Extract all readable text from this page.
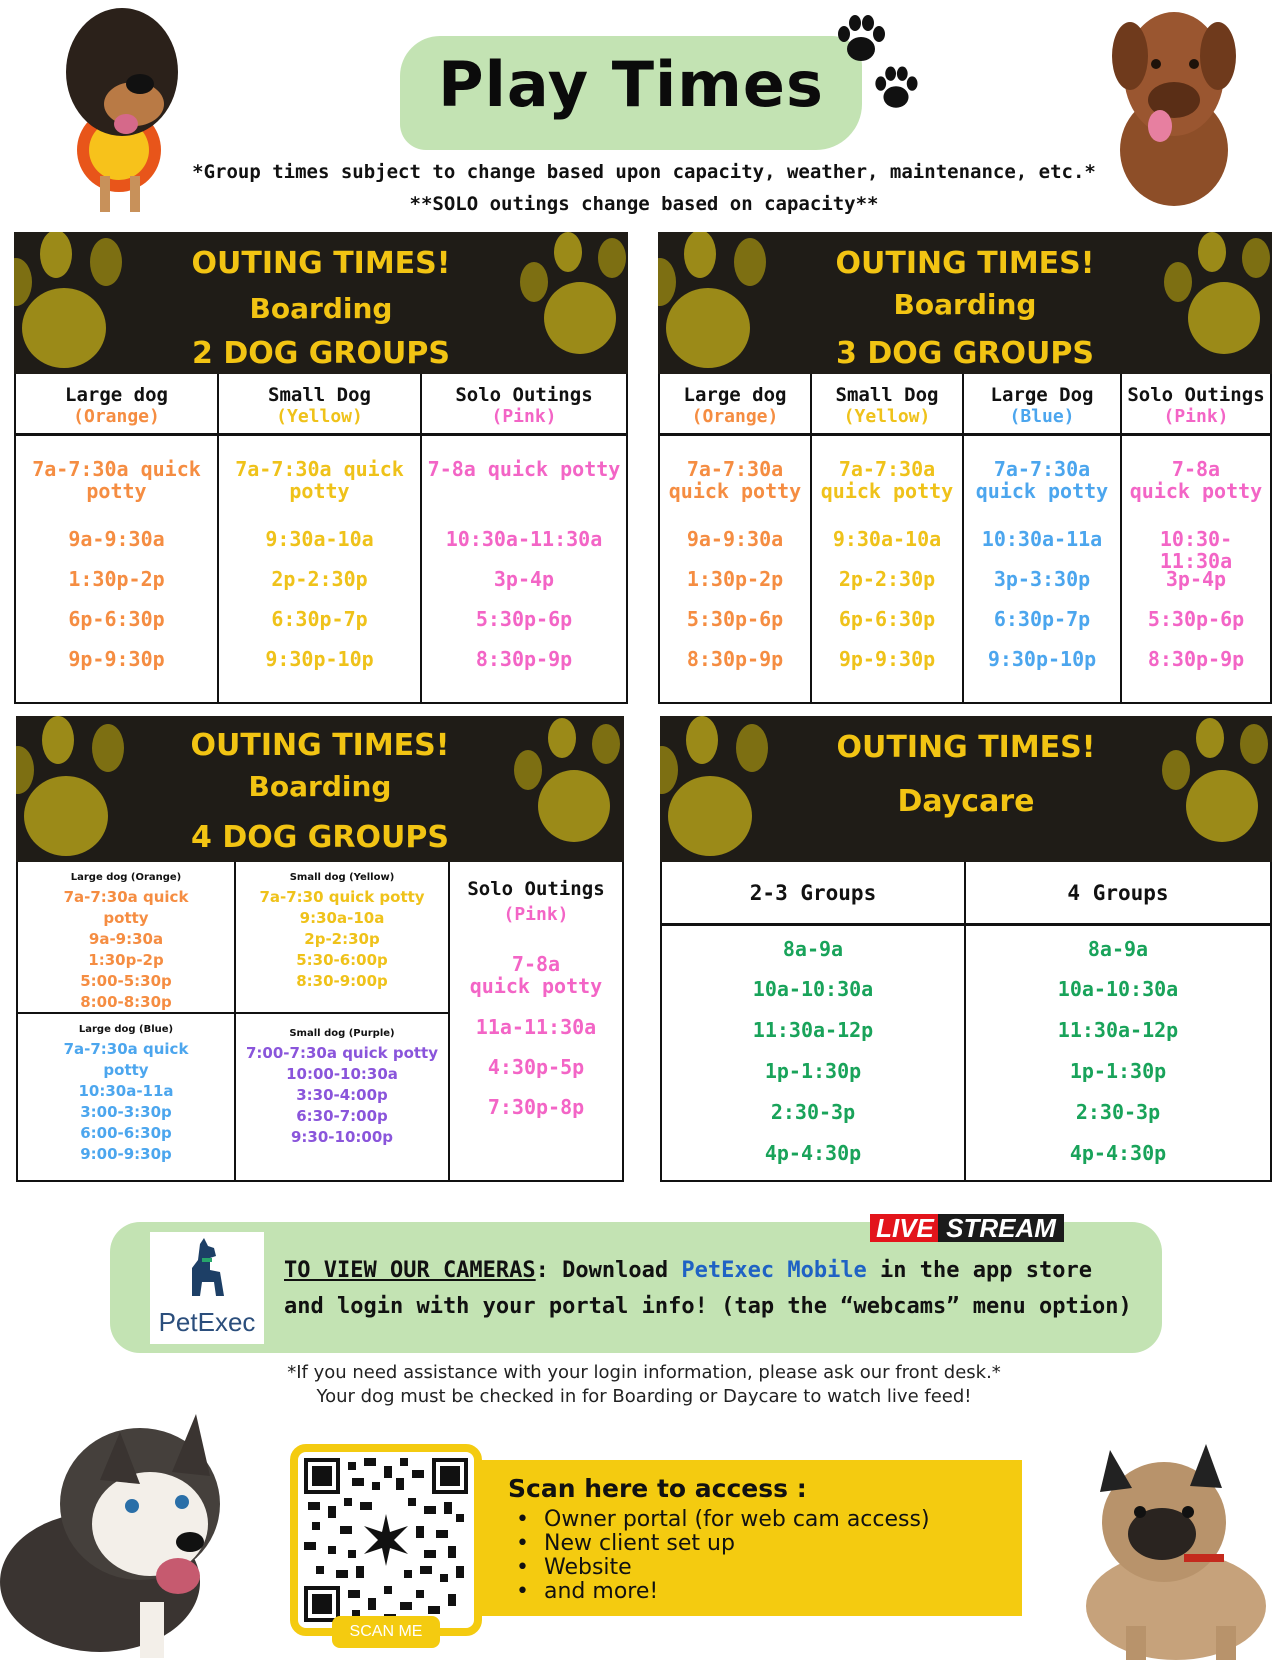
Play Times
*Group times subject to change based upon capacity, weather, maintenance, etc.*
**SOLO outings change based on capacity**
OUTING TIMES!
Boarding
2 DOG GROUPS
Large dog
(Orange)
7a-7:30a quick potty
9a-9:30a
1:30p-2p
6p-6:30p
9p-9:30p
Small Dog
(Yellow)
7a-7:30a quick potty
9:30a-10a
2p-2:30p
6:30p-7p
9:30p-10p
Solo Outings
(Pink)
7-8a quick potty
10:30a-11:30a
3p-4p
5:30p-6p
8:30p-9p
OUTING TIMES!
Boarding
3 DOG GROUPS
Large dog
(Orange)
7a-7:30a
quick potty
9a-9:30a
1:30p-2p
5:30p-6p
8:30p-9p
Small Dog
(Yellow)
7a-7:30a
quick potty
9:30a-10a
2p-2:30p
6p-6:30p
9p-9:30p
Large Dog
(Blue)
7a-7:30a
quick potty
10:30a-11a
3p-3:30p
6:30p-7p
9:30p-10p
Solo Outings
(Pink)
7-8a
quick potty
10:30-11:30a
3p-4p
5:30p-6p
8:30p-9p
OUTING TIMES!
Boarding
4 DOG GROUPS
Large dog (Orange)
7a-7:30a quick
potty
9a-9:30a
1:30p-2p
5:00-5:30p
8:00-8:30p
Small dog (Yellow)
7a-7:30 quick potty
9:30a-10a
2p-2:30p
5:30-6:00p
8:30-9:00p
Large dog (Blue)
7a-7:30a quick
potty
10:30a-11a
3:00-3:30p
6:00-6:30p
9:00-9:30p
Small dog (Purple)
7:00-7:30a quick potty
10:00-10:30a
3:30-4:00p
6:30-7:00p
9:30-10:00p
Solo Outings
(Pink)
7-8a
quick potty
11a-11:30a
4:30p-5p
7:30p-8p
OUTING TIMES!
Daycare
2-3 Groups
8a-9a
10a-10:30a
11:30a-12p
1p-1:30p
2:30-3p
4p-4:30p
4 Groups
8a-9a
10a-10:30a
11:30a-12p
1p-1:30p
2:30-3p
4p-4:30p
PetExec
LIVE STREAM
TO VIEW OUR CAMERAS: Download PetExec Mobile in the app store
and login with your portal info! (tap the “webcams” menu option)
*If you need assistance with your login information, please ask our front desk.*
Your dog must be checked in for Boarding or Daycare to watch live feed!
SCAN ME
Scan here to access :
• Owner portal (for web cam access)
• New client set up
• Website
• and more!
